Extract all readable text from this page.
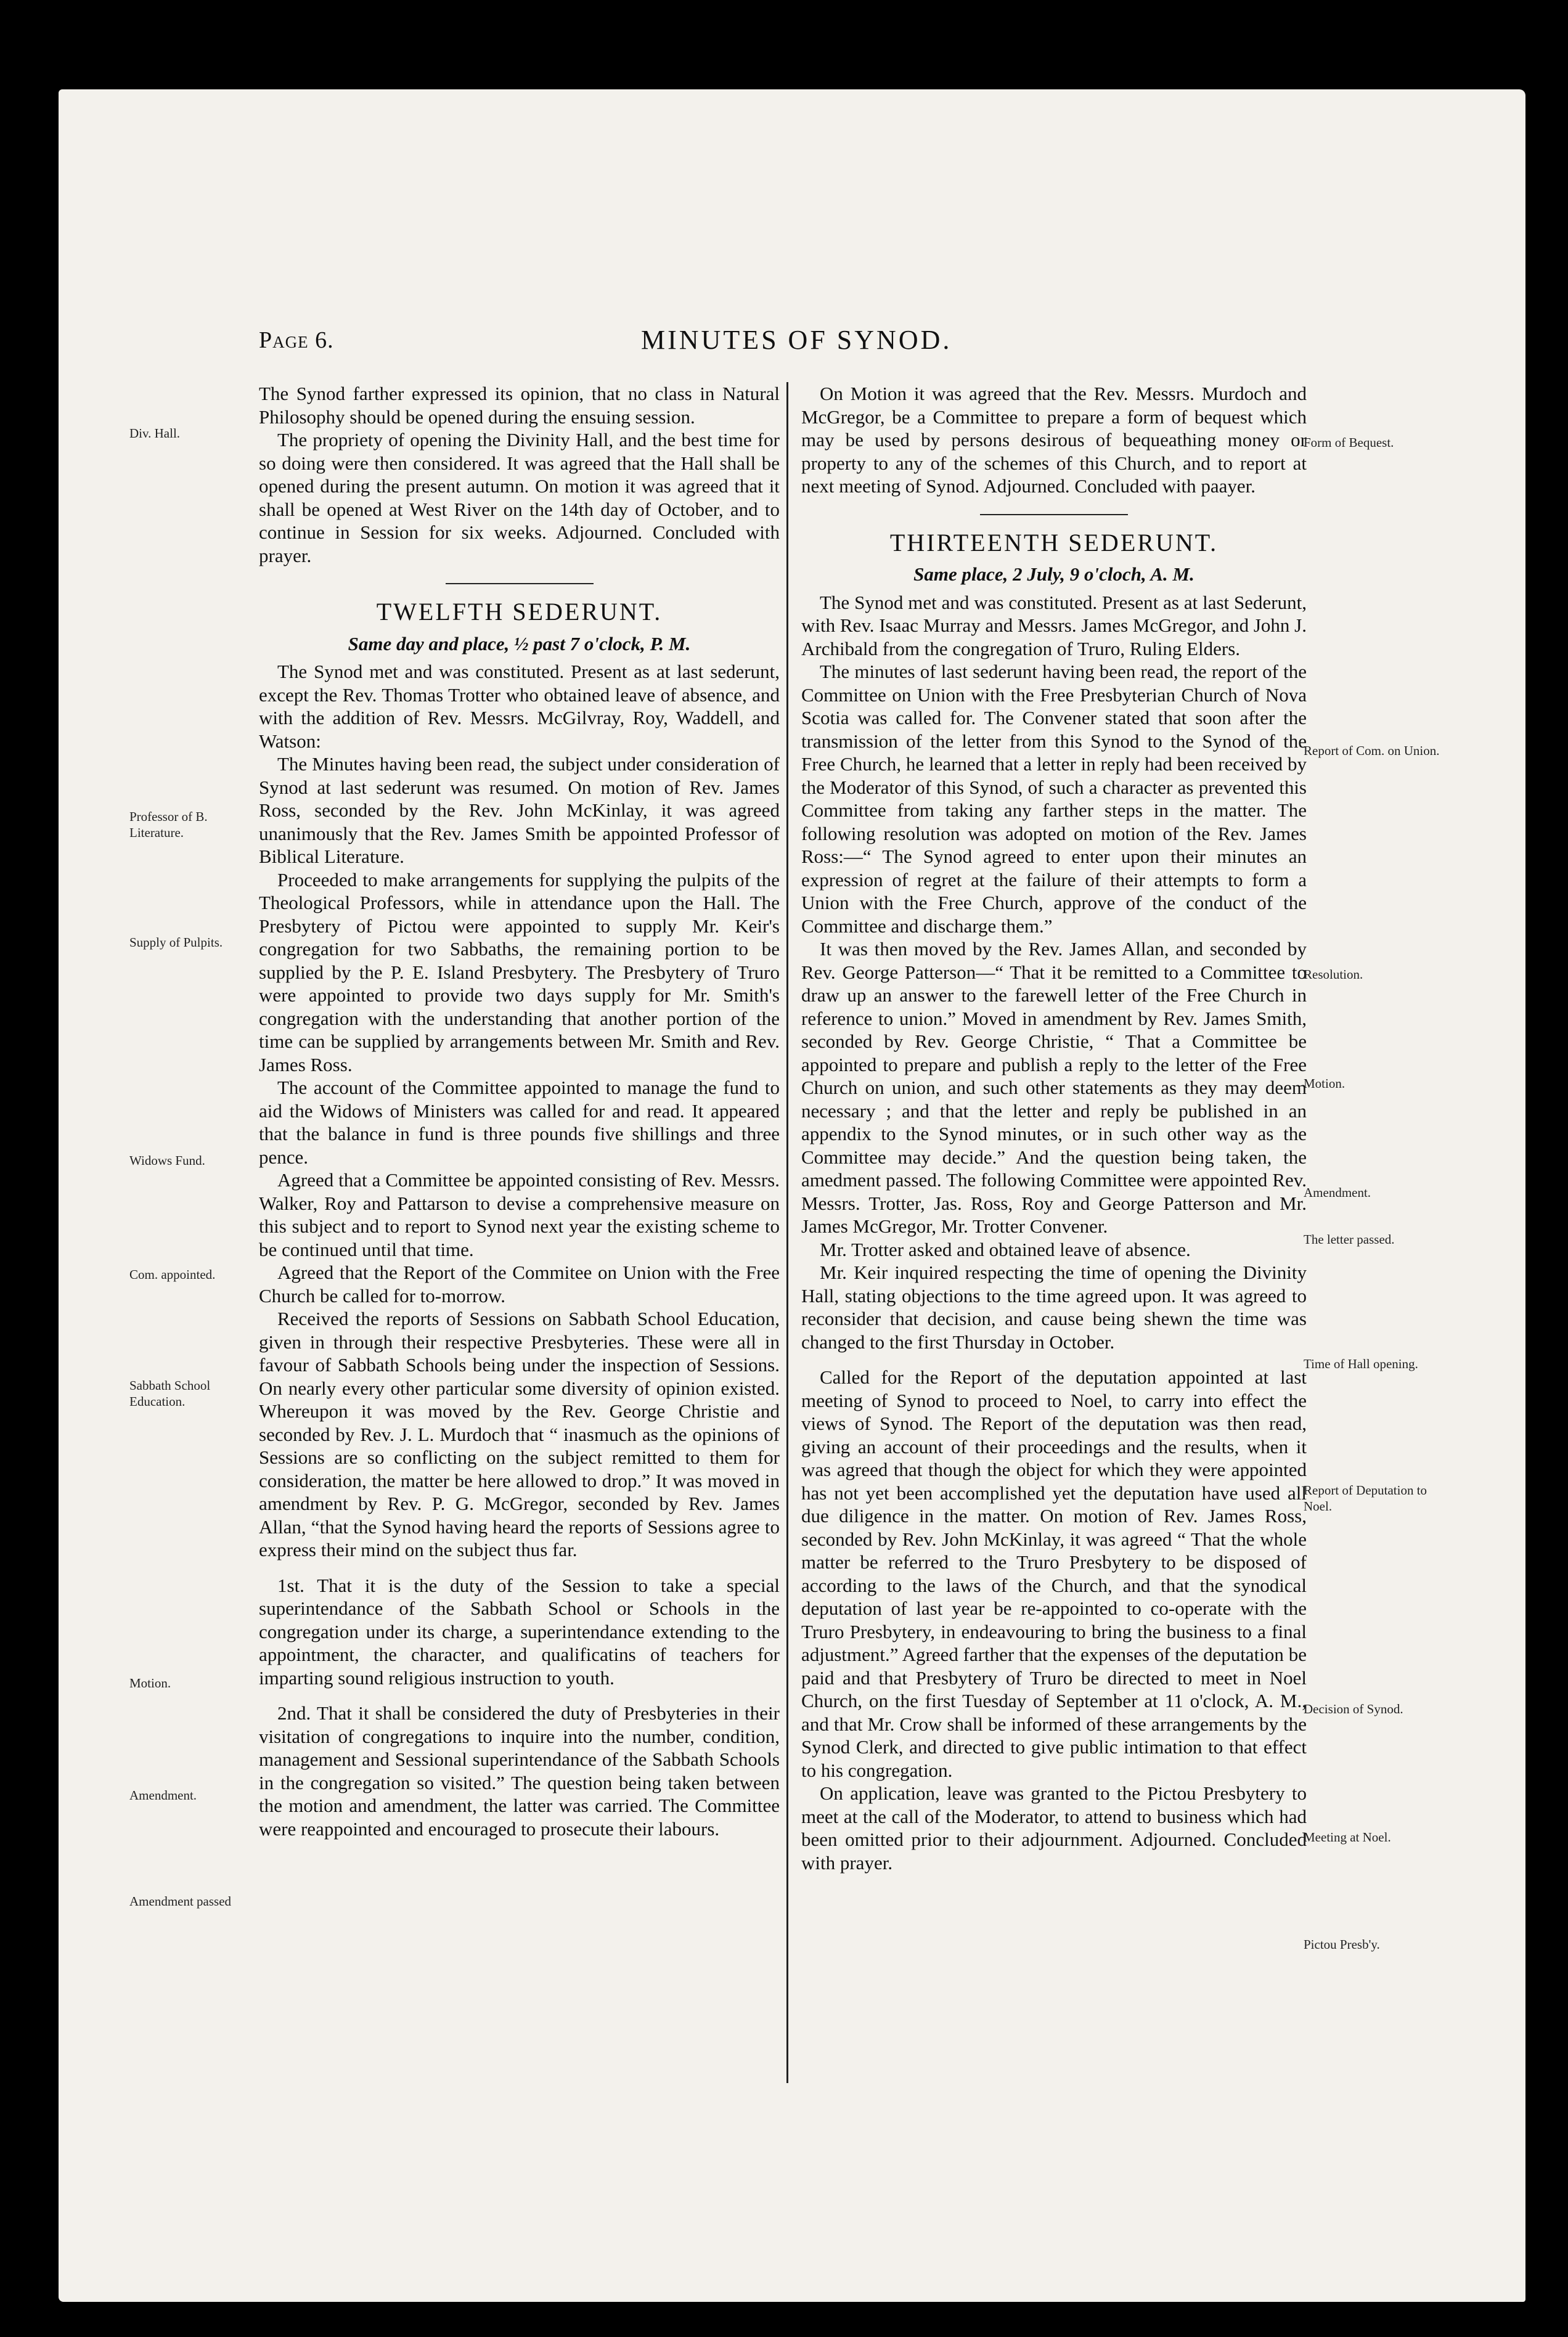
Page 6.	MINUTES OF SYNOD.

The Synod farther expressed its opinion, that no class in Natural Philosophy should be opened during the ensuing session.

The propriety of opening the Divinity Hall, and the best time for so doing were then considered. It was agreed that the Hall shall be opened during the present autumn. On motion it was agreed that it shall be opened at West River on the 14th day of October, and to continue in Session for six weeks. Adjourned. Concluded with prayer.

TWELFTH SEDERUNT.

Same day and place, ½ past 7 o'clock, P. M.

The Synod met and was constituted. Present as at last sederunt, except the Rev. Thomas Trotter who obtained leave of absence, and with the addition of Rev. Messrs. McGilvray, Roy, Waddell, and Watson:

The Minutes having been read, the subject under consideration of Synod at last sederunt was resumed. On motion of Rev. James Ross, seconded by the Rev. John McKinlay, it was agreed unanimously that the Rev. James Smith be appointed Professor of Biblical Literature.

Proceeded to make arrangements for supplying the pulpits of the Theological Professors, while in attendance upon the Hall. The Presbytery of Pictou were appointed to supply Mr. Keir's congregation for two Sabbaths, the remaining portion to be supplied by the P. E. Island Presbytery. The Presbytery of Truro were appointed to provide two days supply for Mr. Smith's congregation with the understanding that another portion of the time can be supplied by arrangements between Mr. Smith and Rev. James Ross.

The account of the Committee appointed to manage the fund to aid the Widows of Ministers was called for and read. It appeared that the balance in fund is three pounds five shillings and three pence.

Agreed that a Committee be appointed consisting of Rev. Messrs. Walker, Roy and Pattarson to devise a comprehensive measure on this subject and to report to Synod next year the existing scheme to be continued until that time.

Agreed that the Report of the Commitee on Union with the Free Church be called for to-morrow.

Received the reports of Sessions on Sabbath School Education, given in through their respective Presbyteries. These were all in favour of Sabbath Schools being under the inspection of Sessions. On nearly every other particular some diversity of opinion existed. Whereupon it was moved by the Rev. George Christie and seconded by Rev. J. L. Murdoch that “ inasmuch as the opinions of Sessions are so conflicting on the subject remitted to them for consideration, the matter be here allowed to drop.” It was moved in amendment by Rev. P. G. McGregor, seconded by Rev. James Allan, “that the Synod having heard the reports of Sessions agree to express their mind on the subject thus far.

1st. That it is the duty of the Session to take a special superintendance of the Sabbath School or Schools in the congregation under its charge, a superintendance extending to the appointment, the character, and qualificatins of teachers for imparting sound religious instruction to youth.

2nd. That it shall be considered the duty of Presbyteries in their visitation of congregations to inquire into the number, condition, management and Sessional superintendance of the Sabbath Schools in the congregation so visited.” The question being taken between the motion and amendment, the latter was carried. The Committee were reappointed and encouraged to prosecute their labours.

On Motion it was agreed that the Rev. Messrs. Murdoch and McGregor, be a Committee to prepare a form of bequest which may be used by persons desirous of bequeathing money or property to any of the schemes of this Church, and to report at next meeting of Synod. Adjourned. Concluded with paayer.

THIRTEENTH SEDERUNT.

Same place, 2 July, 9 o'cloch, A. M.

The Synod met and was constituted. Present as at last Sederunt, with Rev. Isaac Murray and Messrs. James McGregor, and John J. Archibald from the congregation of Truro, Ruling Elders.

The minutes of last sederunt having been read, the report of the Committee on Union with the Free Presbyterian Church of Nova Scotia was called for. The Convener stated that soon after the transmission of the letter from this Synod to the Synod of the Free Church, he learned that a letter in reply had been received by the Moderator of this Synod, of such a character as prevented this Committee from taking any farther steps in the matter. The following resolution was adopted on motion of the Rev. James Ross:—“ The Synod agreed to enter upon their minutes an expression of regret at the failure of their attempts to form a Union with the Free Church, approve of the conduct of the Committee and discharge them.”

It was then moved by the Rev. James Allan, and seconded by Rev. George Patterson—“ That it be remitted to a Committee to draw up an answer to the farewell letter of the Free Church in reference to union.” Moved in amendment by Rev. James Smith, seconded by Rev. George Christie, “ That a Committee be appointed to prepare and publish a reply to the letter of the Free Church on union, and such other statements as they may deem necessary ; and that the letter and reply be published in an appendix to the Synod minutes, or in such other way as the Committee may decide.” And the question being taken, the amedment passed. The following Committee were appointed Rev. Messrs. Trotter, Jas. Ross, Roy and George Patterson and Mr. James McGregor, Mr. Trotter Convener.

Mr. Trotter asked and obtained leave of absence.

Mr. Keir inquired respecting the time of opening the Divinity Hall, stating objections to the time agreed upon. It was agreed to reconsider that decision, and cause being shewn the time was changed to the first Thursday in October.

Called for the Report of the deputation appointed at last meeting of Synod to proceed to Noel, to carry into effect the views of Synod. The Report of the deputation was then read, giving an account of their proceedings and the results, when it was agreed that though the object for which they were appointed has not yet been accomplished yet the deputation have used all due diligence in the matter. On motion of Rev. James Ross, seconded by Rev. John McKinlay, it was agreed “ That the whole matter be referred to the Truro Presbytery to be disposed of according to the laws of the Church, and that the synodical deputation of last year be re-appointed to co-operate with the Truro Presbytery, in endeavouring to bring the business to a final adjustment.” Agreed farther that the expenses of the deputation be paid and that Presbytery of Truro be directed to meet in Noel Church, on the first Tuesday of September at 11 o'clock, A. M., and that Mr. Crow shall be informed of these arrangements by the Synod Clerk, and directed to give public intimation to that effect to his congregation.

On application, leave was granted to the Pictou Presbytery to meet at the call of the Moderator, to attend to business which had been omitted prior to their adjournment. Adjourned. Concluded with prayer.

Div. Hall.
Professor of B. Literature.
Supply of Pulpits.
Widows Fund.
Com. appointed.
Sabbath School Education.
Motion.
Amendment.
Amendment passed
Form of Bequest.
Report of Com. on Union.
Resolution.
Motion.
Amendment.
The letter passed.
Time of Hall opening.
Report of Deputation to Noel.
Decision of Synod.
Meeting at Noel.
Pictou Presb'y.
